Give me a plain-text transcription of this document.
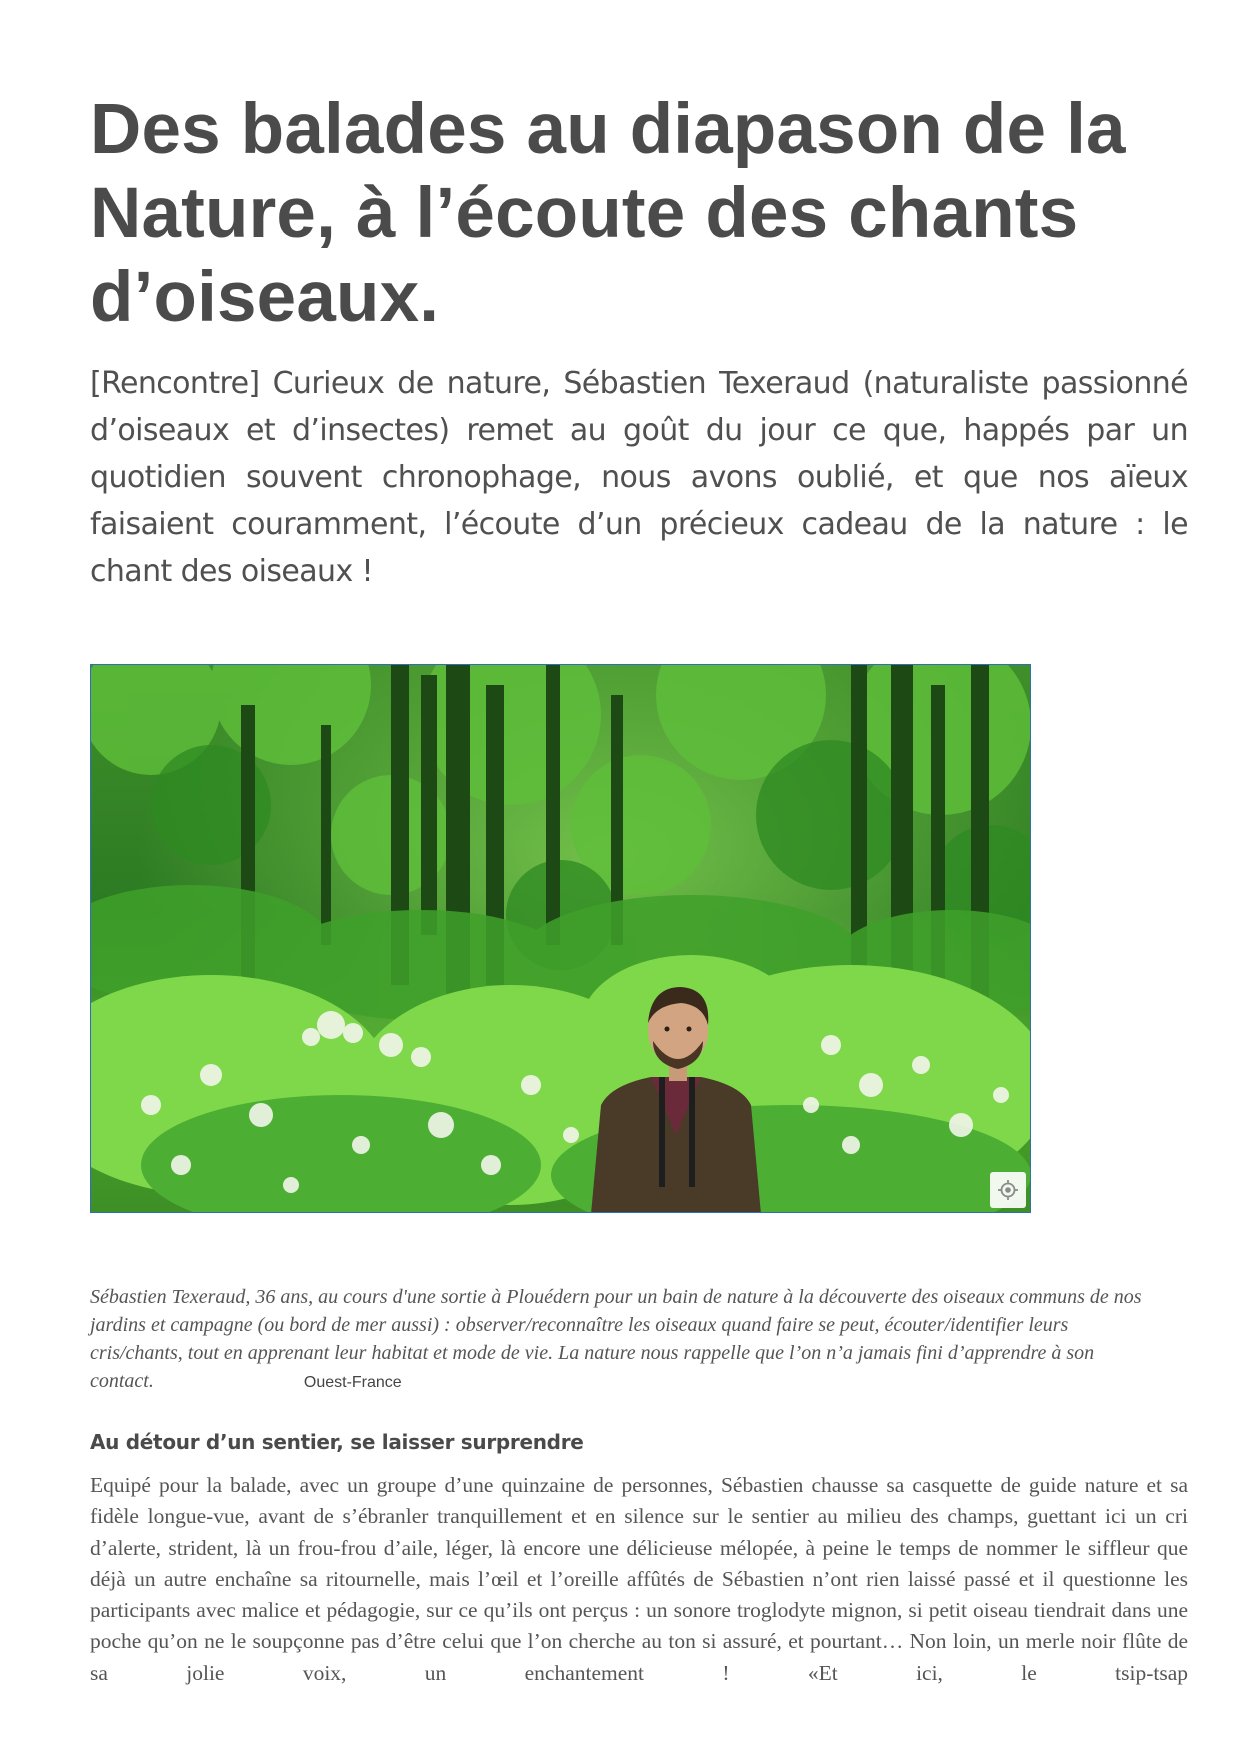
Des balades au diapason de la Nature, à l’écoute des chants d’oiseaux.

[Rencontre] Curieux de nature, Sébastien Texeraud (naturaliste passionné d’oiseaux et d’insectes) remet au goût du jour ce que, happés par un quotidien souvent chronophage, nous avons oublié, et que nos aïeux faisaient couramment, l’écoute d’un précieux cadeau de la nature : le chant des oiseaux !

Sébastien Texeraud, 36 ans, au cours d'une sortie à Plouédern pour un bain de nature à la découverte des oiseaux communs de nos jardins et campagne (ou bord de mer aussi) : observer/reconnaître les oiseaux quand faire se peut, écouter/identifier leurs cris/chants, tout en apprenant leur habitat et mode de vie. La nature nous rappelle que l’on n’a jamais fini d’apprendre à son contact.	Ouest-France

Au détour d’un sentier, se laisser surprendre

Equipé pour la balade, avec un groupe d’une quinzaine de personnes, Sébastien chausse sa casquette de guide nature et sa fidèle longue-vue, avant de s’ébranler tranquillement et en silence sur le sentier au milieu des champs, guettant ici un cri d’alerte, strident, là un frou-frou d’aile, léger, là encore une délicieuse mélopée, à peine le temps de nommer le siffleur que déjà un autre enchaîne sa ritournelle, mais l’œil et l’oreille affûtés de Sébastien n’ont rien laissé passé et il questionne les participants avec malice et pédagogie, sur ce qu’ils ont perçus : un sonore troglodyte mignon, si petit oiseau tiendrait dans une poche qu’on ne le soupçonne pas d’être celui que l’on cherche au ton si assuré, et pourtant… Non loin, un merle noir flûte de sa jolie voix, un enchantement ! «Et ici, le tsip-tsap
